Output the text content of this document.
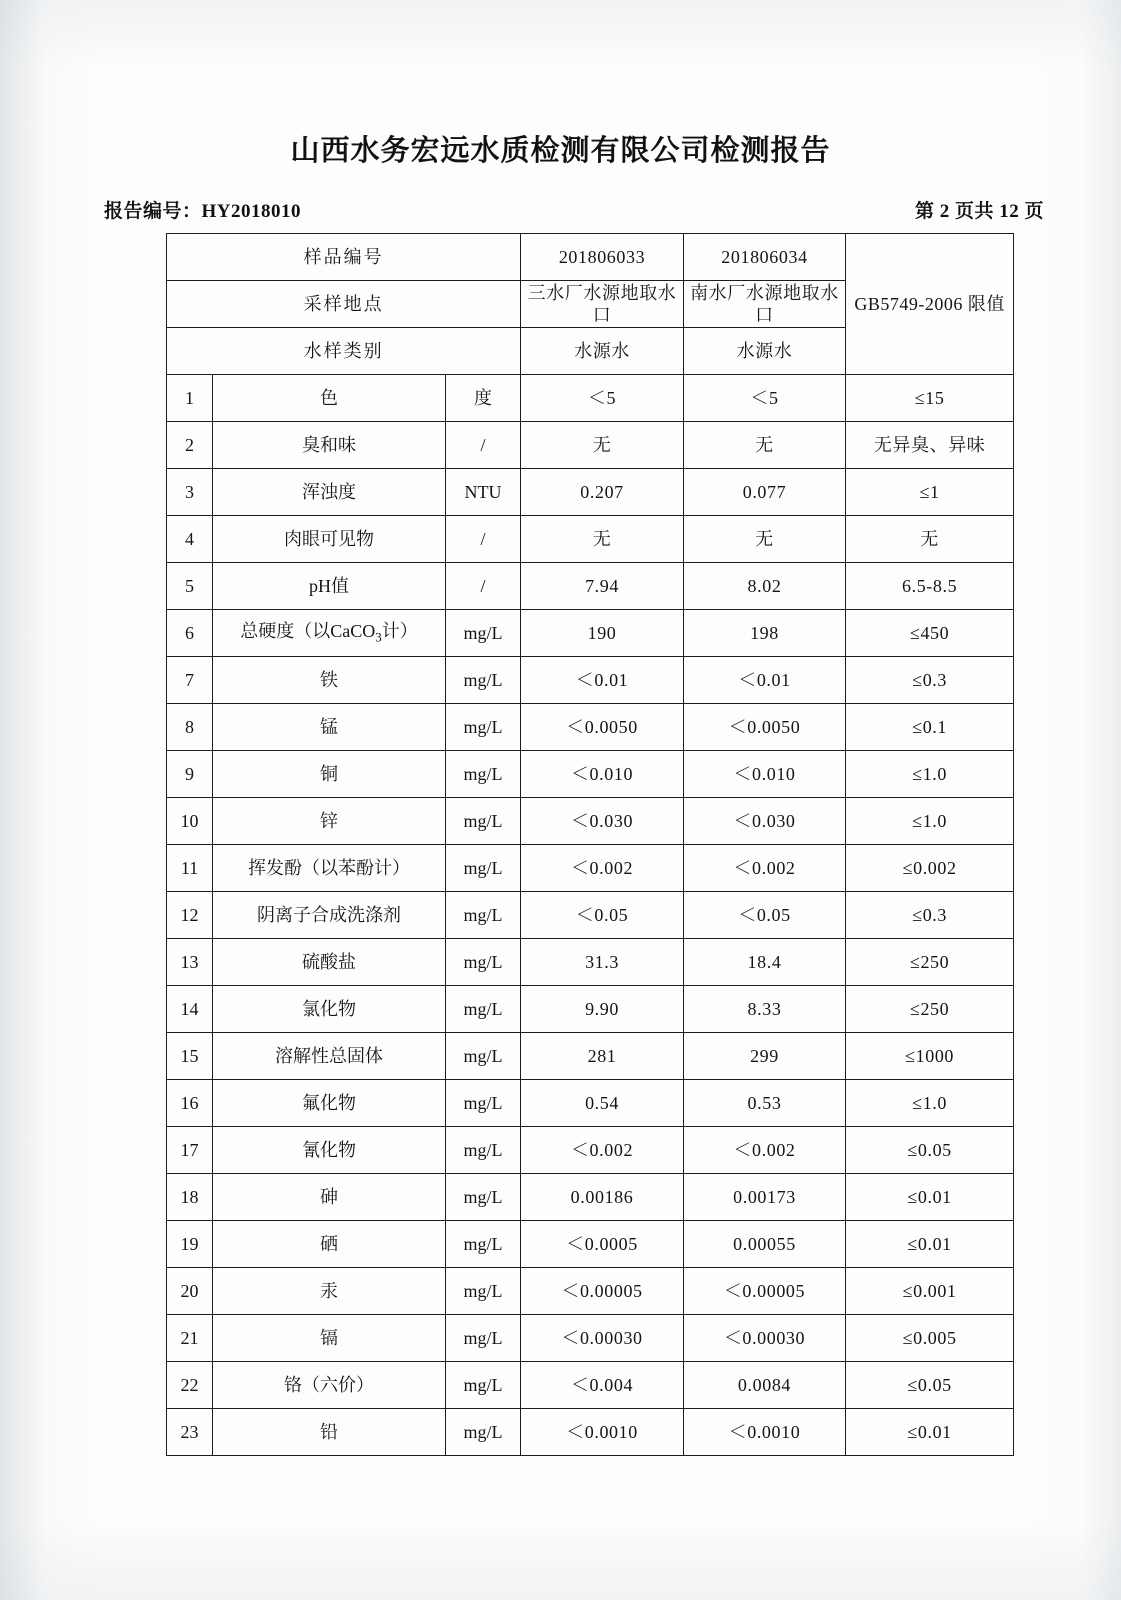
山西水务宏远水质检测有限公司检测报告
报告编号：HY2018010	第 2 页共 12 页
样品编号			201806033	201806034	GB5749-2006 限值
采样地点			三水厂水源地取水口	南水厂水源地取水口	
水样类别			水源水	水源水	
1	色	度	＜5	＜5	≤15
2	臭和味	/	无	无	无异臭、异味
3	浑浊度	NTU	0.207	0.077	≤1
4	肉眼可见物	/	无	无	无
5	pH值	/	7.94	8.02	6.5-8.5
6	总硬度（以CaCO$_3$计）	mg/L	190	198	≤450
7	铁	mg/L	＜0.01	＜0.01	≤0.3
8	锰	mg/L	＜0.0050	＜0.0050	≤0.1
9	铜	mg/L	＜0.010	＜0.010	≤1.0
10	锌	mg/L	＜0.030	＜0.030	≤1.0
11	挥发酚（以苯酚计）	mg/L	＜0.002	＜0.002	≤0.002
12	阴离子合成洗涤剂	mg/L	＜0.05	＜0.05	≤0.3
13	硫酸盐	mg/L	31.3	18.4	≤250
14	氯化物	mg/L	9.90	8.33	≤250
15	溶解性总固体	mg/L	281	299	≤1000
16	氟化物	mg/L	0.54	0.53	≤1.0
17	氰化物	mg/L	＜0.002	＜0.002	≤0.05
18	砷	mg/L	0.00186	0.00173	≤0.01
19	硒	mg/L	＜0.0005	0.00055	≤0.01
20	汞	mg/L	＜0.00005	＜0.00005	≤0.001
21	镉	mg/L	＜0.00030	＜0.00030	≤0.005
22	铬（六价）	mg/L	＜0.004	0.0084	≤0.05
23	铅	mg/L	＜0.0010	＜0.0010	≤0.01
